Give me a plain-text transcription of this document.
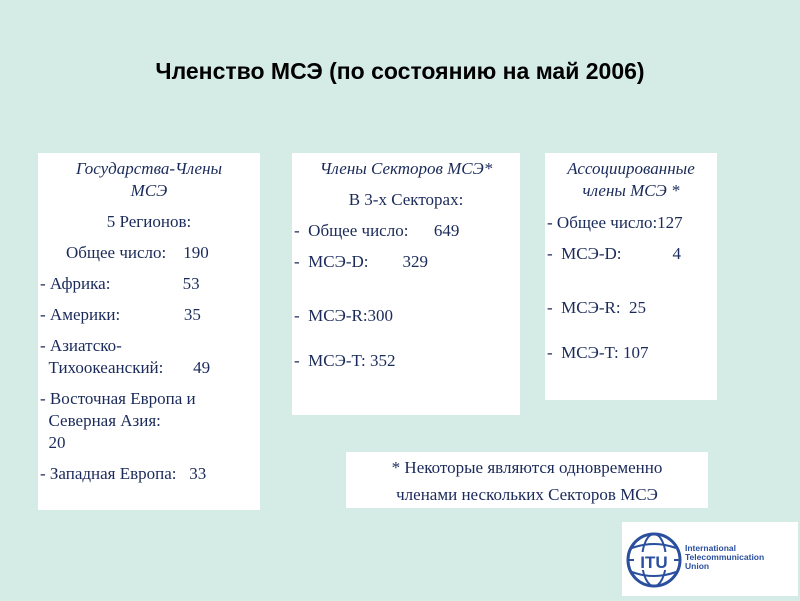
Членство МСЭ (по состоянию на май 2006)
Государства-Члены
МСЭ
5 Регионов:
Общее число:    190
- Африка:                 53
- Америки:               35
- Азиатско-
Тихоокеанский:       49
- Восточная Европа и
Северная Азия:
20
- Западная Европа:   33
Члены Секторов МСЭ*
В 3-х Секторах:
-  Общее число:      649
-  МСЭ-D:        329
-  МСЭ-R:300
-  МСЭ-T: 352
Ассоциированные
члены МСЭ *
- Общее число:127
-  МСЭ-D:            4
-  МСЭ-R:  25
-  МСЭ-T: 107
* Некоторые являются одновременно
членами нескольких Секторов МСЭ
ITU
International
Telecommunication
Union
